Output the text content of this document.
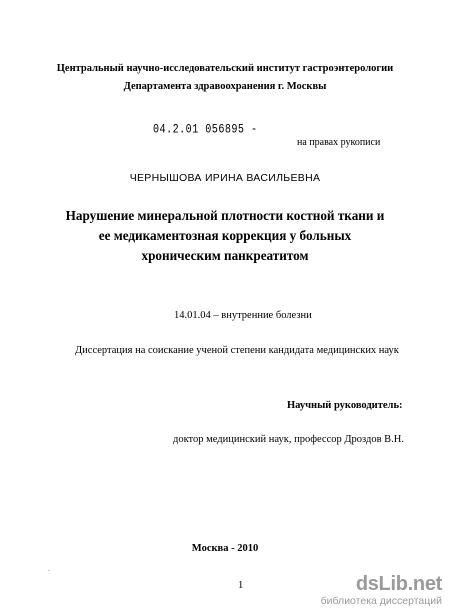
Центральный научно-исследовательский институт гастроэнтерологии
Департамента здравоохранения г. Москвы
04.2.01 056895 -
на правах рукописи
ЧЕРНЫШОВА ИРИНА ВАСИЛЬЕВНА
Нарушение минеральной плотности костной ткани и
ее медикаментозная коррекция у больных
хроническим панкреатитом
14.01.04 – внутренние болезни
Диссертация на соискание ученой степени кандидата медицинских наук
Научный руководитель:
доктор медицинский наук, профессор Дроздов В.Н.
Москва - 2010
.
1	dsLib.net
библиотека диссертаций
